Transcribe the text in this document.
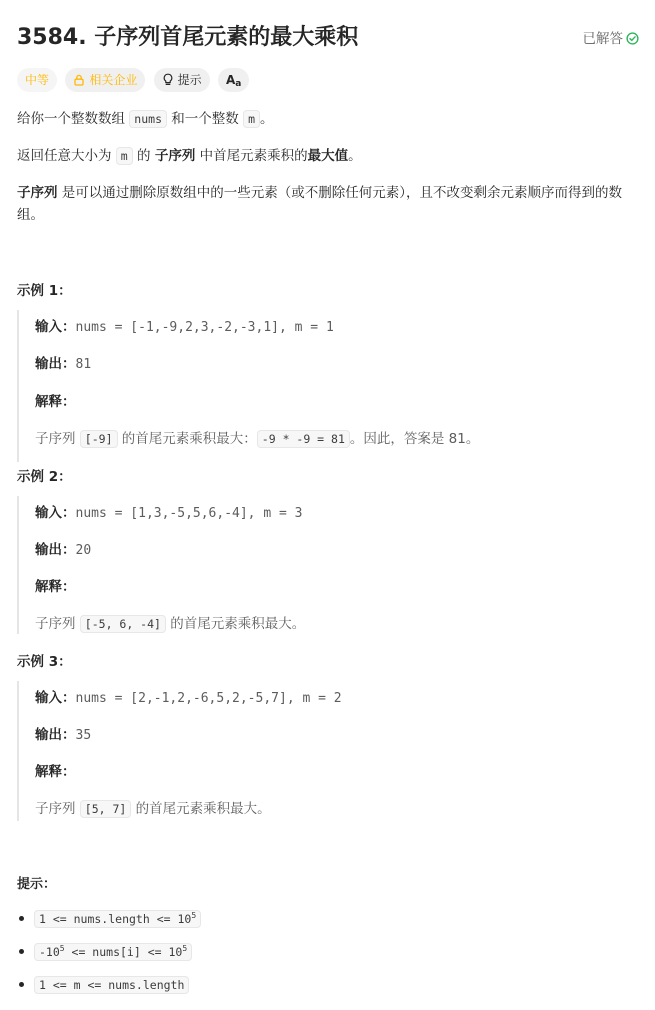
3584. 子序列首尾元素的最大乘积	已解答
中等	相关企业	提示 Aa
给你一个整数数组 nums 和一个整数 m 。
返回任意大小为 m 的 子序列 中首尾元素乘积的最大值。
子序列 是可以通过删除原数组中的一些元素（或不删除任何元素），且不改变剩余元素顺序而得到的数组。
示例 1：
输入：nums = [-1,-9,2,3,-2,-3,1], m = 1
输出：81
解释：
子序列 [-9] 的首尾元素乘积最大： -9 * -9 = 81 。因此，答案是 81。
示例 2：
输入：nums = [1,3,-5,5,6,-4], m = 3
输出：20
解释：
子序列 [-5, 6, -4] 的首尾元素乘积最大。
示例 3：
输入：nums = [2,-1,2,-6,5,2,-5,7], m = 2
输出：35
解释：
子序列 [5, 7] 的首尾元素乘积最大。
提示：
1 <= nums.length <= $10^5$
$-10^5$ <= nums[i] <= $10^5$
1 <= m <= nums.length
